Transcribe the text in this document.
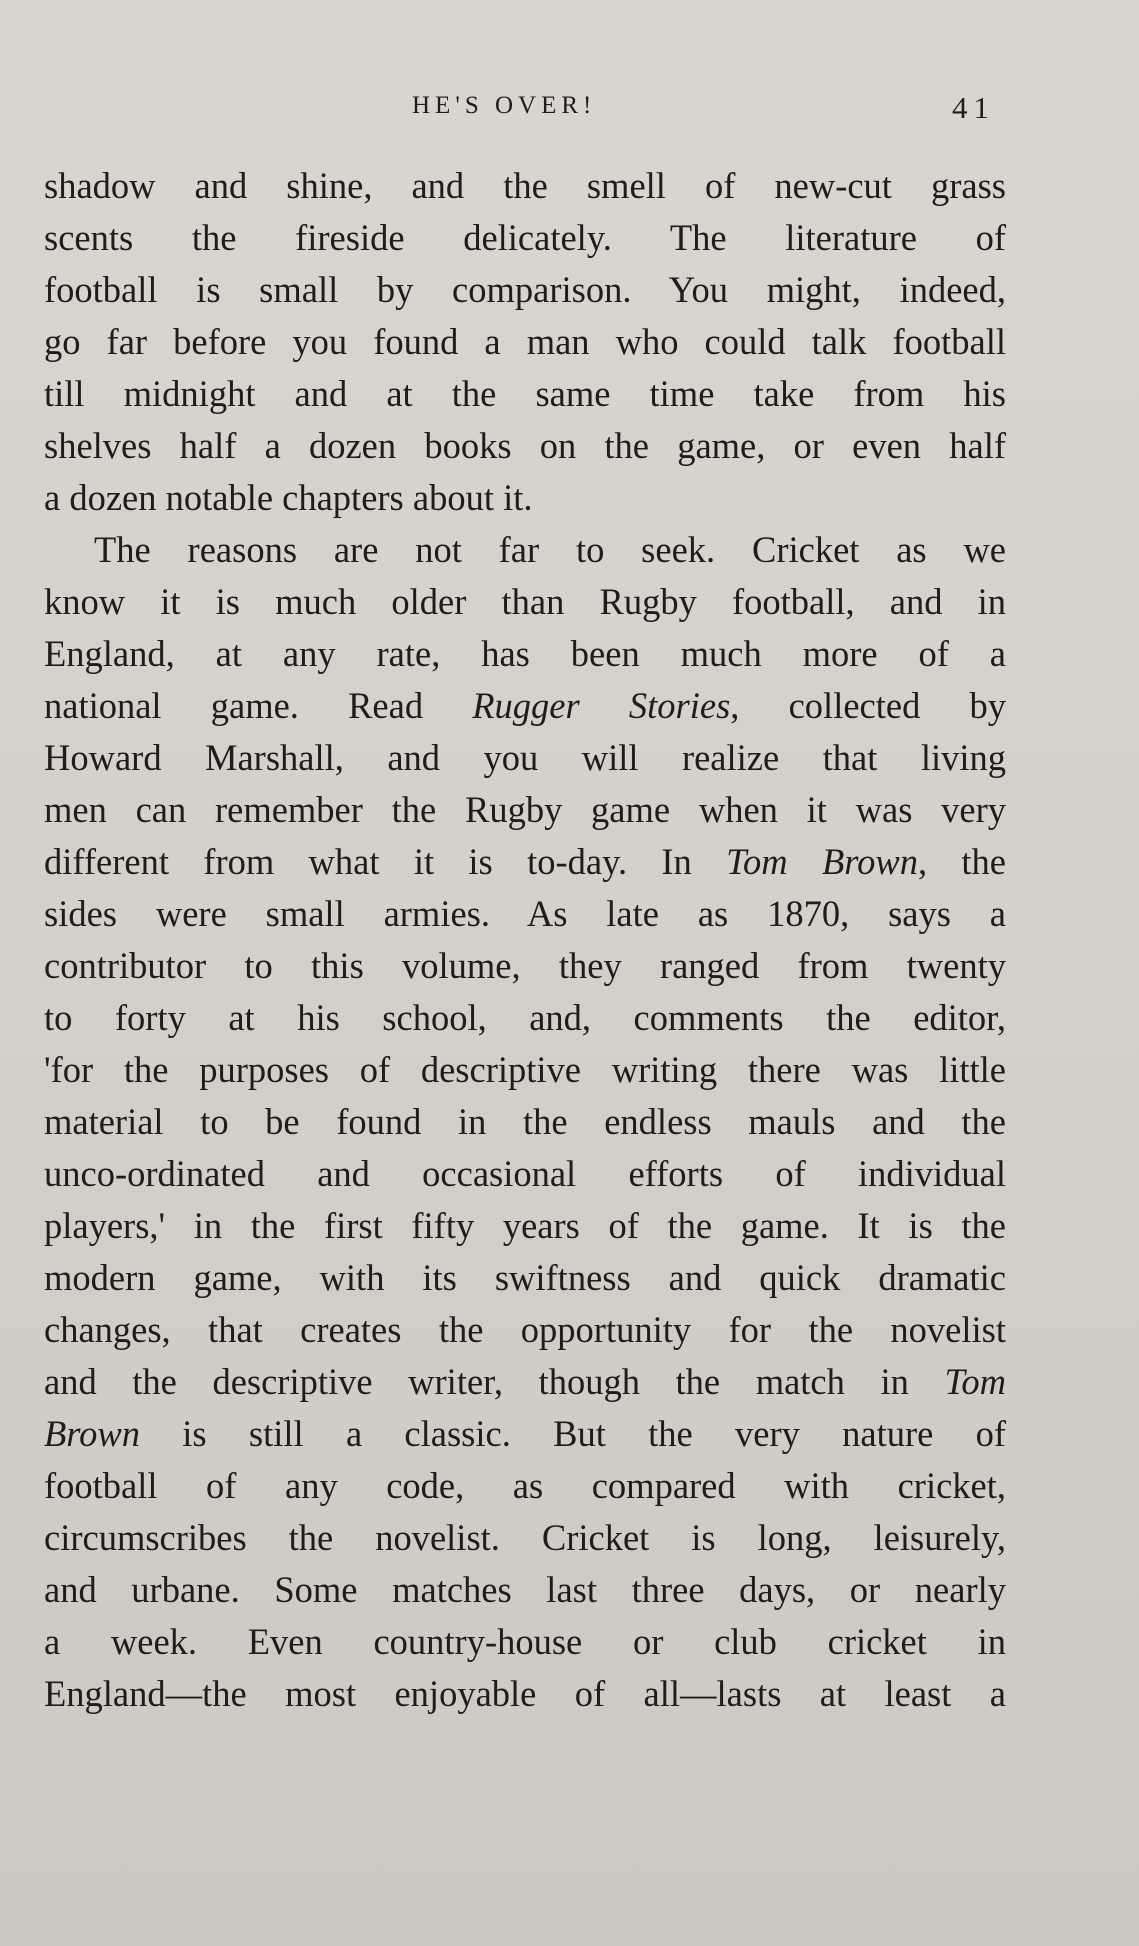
HE'S OVER!	41
shadow and shine, and the smell of new-cut grass
scents the fireside delicately. The literature of
football is small by comparison. You might, indeed,
go far before you found a man who could talk football
till midnight and at the same time take from his
shelves half a dozen books on the game, or even half
a dozen notable chapters about it.
The reasons are not far to seek. Cricket as we
know it is much older than Rugby football, and in
England, at any rate, has been much more of a
national game. Read Rugger Stories, collected by
Howard Marshall, and you will realize that living
men can remember the Rugby game when it was very
different from what it is to-day. In Tom Brown, the
sides were small armies. As late as 1870, says a
contributor to this volume, they ranged from twenty
to forty at his school, and, comments the editor,
'for the purposes of descriptive writing there was little
material to be found in the endless mauls and the
unco-ordinated and occasional efforts of individual
players,' in the first fifty years of the game. It is the
modern game, with its swiftness and quick dramatic
changes, that creates the opportunity for the novelist
and the descriptive writer, though the match in Tom
Brown is still a classic. But the very nature of
football of any code, as compared with cricket,
circumscribes the novelist. Cricket is long, leisurely,
and urbane. Some matches last three days, or nearly
a week. Even country-house or club cricket in
England—the most enjoyable of all—lasts at least a
